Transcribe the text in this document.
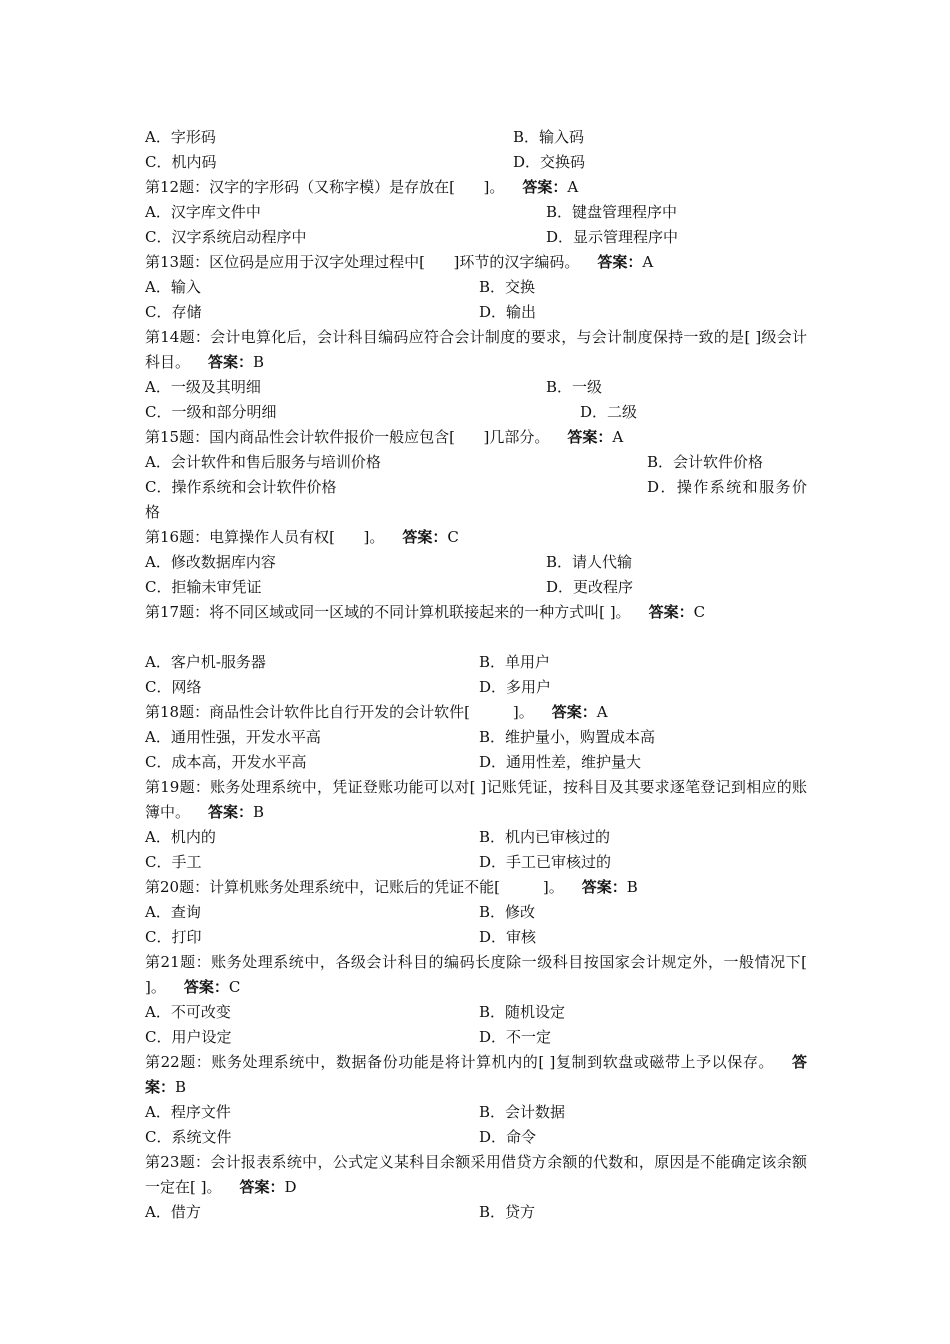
A．字形码	B．输入码
C．机内码	D．交换码
第12题：汉字的字形码（又称字模）是存放在[      ]。 答案：A
A．汉字库文件中	B．键盘管理程序中
C．汉字系统启动程序中	D．显示管理程序中
第13题：区位码是应用于汉字处理过程中[      ]环节的汉字编码。 答案：A
A．输入	B．交换
C．存储	D．输出
第14题：会计电算化后，会计科目编码应符合会计制度的要求，与会计制度保持一致的是[ ]级会计科目。 答案：B
A．一级及其明细	B．一级
C．一级和部分明细	D．二级
第15题：国内商品性会计软件报价一般应包含[      ]几部分。 答案：A
A．会计软件和售后服务与培训价格	B．会计软件价格
C．操作系统和会计软件价格	D．操作系统和服务价格
第16题：电算操作人员有权[      ]。 答案：C
A．修改数据库内容	B．请人代输
C．拒输未审凭证	D．更改程序
第17题：将不同区域或同一区域的不同计算机联接起来的一种方式叫[ ]。 答案：C
A．客户机-服务器	B．单用户
C．网络	D．多用户
第18题：商品性会计软件比自行开发的会计软件[         ]。 答案：A
A．通用性强，开发水平高	B．维护量小，购置成本高
C．成本高，开发水平高	D．通用性差，维护量大
第19题：账务处理系统中，凭证登账功能可以对[ ]记账凭证，按科目及其要求逐笔登记到相应的账簿中。 答案：B
A．机内的	B．机内已审核过的
C．手工	D．手工已审核过的
第20题：计算机账务处理系统中，记账后的凭证不能[         ]。 答案：B
A．查询	B．修改
C．打印	D．审核
第21题：账务处理系统中，各级会计科目的编码长度除一级科目按国家会计规定外，一般情况下[ ]。 答案：C
A．不可改变	B．随机设定
C．用户设定	D．不一定
第22题：账务处理系统中，数据备份功能是将计算机内的[ ]复制到软盘或磁带上予以保存。 答案：B
A．程序文件	B．会计数据
C．系统文件	D．命令
第23题：会计报表系统中，公式定义某科目余额采用借贷方余额的代数和，原因是不能确定该余额一定在[ ]。 答案：D
A．借方	B．贷方
